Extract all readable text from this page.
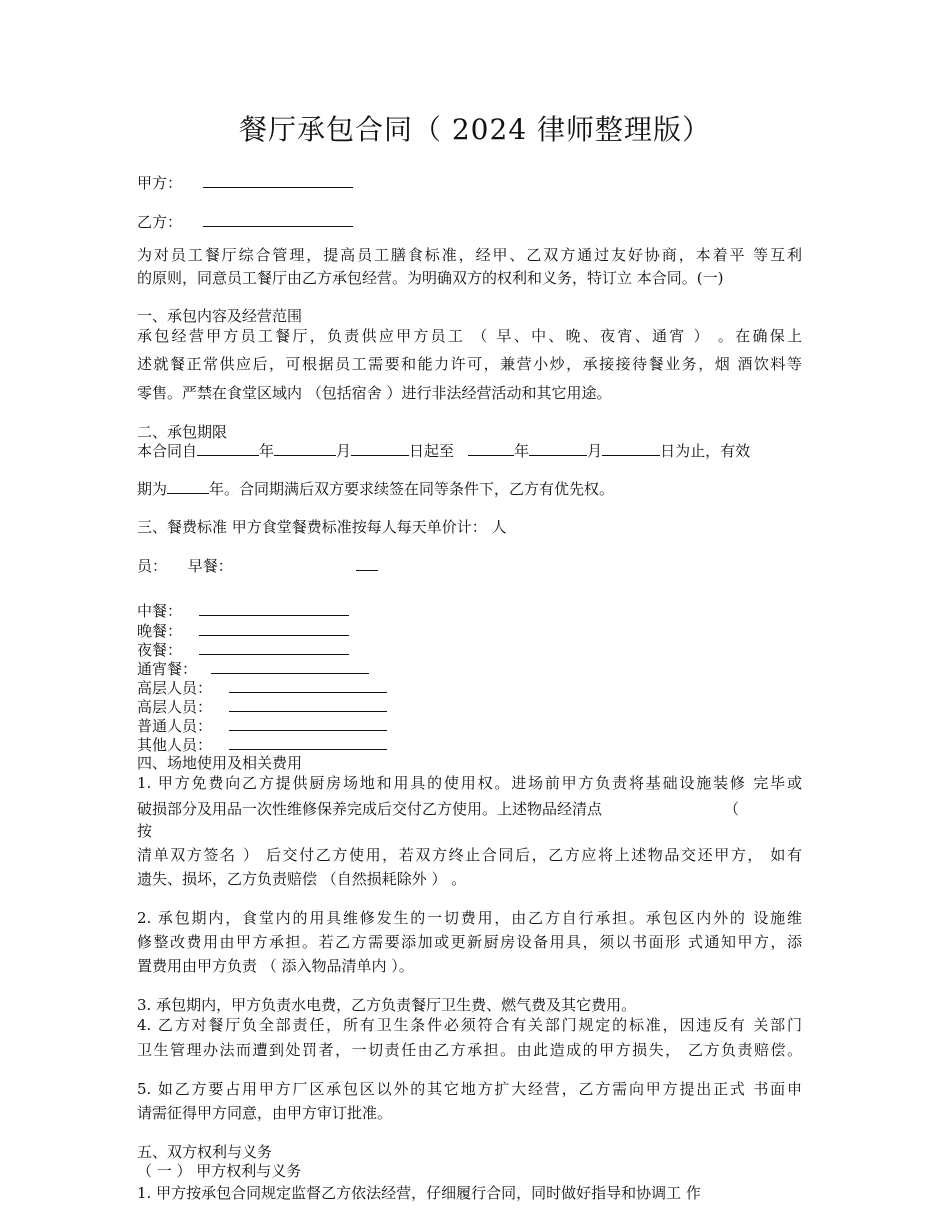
餐厅承包合同（ 2024 律师整理版）
甲方：
乙方：
为对员工餐厅综合管理，提高员工膳食标准，经甲、乙双方通过友好协商，本着平 等互利
的原则，同意员工餐厅由乙方承包经营。为明确双方的权利和义务，特订立 本合同。(一)
一、承包内容及经营范围
承包经营甲方员工餐厅，负责供应甲方员工 （ 早、中、晚、夜宵、通宵 ） 。在确保上
述就餐正常供应后，可根据员工需要和能力许可，兼营小炒，承接接待餐业务，烟 酒饮料等
零售。严禁在食堂区域内 （包括宿舍 ）进行非法经营活动和其它用途。
二、承包期限
本合同自	年	月	日起至	年	月	日为止，有效
期为	年。合同期满后双方要求续签在同等条件下，乙方有优先权。
三、餐费标准 甲方食堂餐费标准按每人每天单价计： 人
员： 早餐：
中餐：
晚餐：
夜餐：
通宵餐：
高层人员：
高层人员：
普通人员：
其他人员：
四、场地使用及相关费用
1. 甲方免费向乙方提供厨房场地和用具的使用权。进场前甲方负责将基础设施装修 完毕或
破损部分及用品一次性维修保养完成后交付乙方使用。上述物品经清点	（
按
清单双方签名 ） 后交付乙方使用，若双方终止合同后，乙方应将上述物品交还甲方， 如有
遗失、损坏，乙方负责赔偿 （自然损耗除外 ） 。
2. 承包期内，食堂内的用具维修发生的一切费用，由乙方自行承担。承包区内外的 设施维
修整改费用由甲方承担。若乙方需要添加或更新厨房设备用具，须以书面形 式通知甲方，添
置费用由甲方负责 （ 添入物品清单内 ）。
3. 承包期内，甲方负责水电费，乙方负责餐厅卫生费、燃气费及其它费用。
4. 乙方对餐厅负全部责任，所有卫生条件必须符合有关部门规定的标准，因违反有 关部门
卫生管理办法而遭到处罚者，一切责任由乙方承担。由此造成的甲方损失， 乙方负责赔偿。
5. 如乙方要占用甲方厂区承包区以外的其它地方扩大经营，乙方需向甲方提出正式 书面申
请需征得甲方同意，由甲方审订批准。
五、双方权利与义务
（ 一 ） 甲方权利与义务
1. 甲方按承包合同规定监督乙方依法经营，仔细履行合同，同时做好指导和协调工 作
